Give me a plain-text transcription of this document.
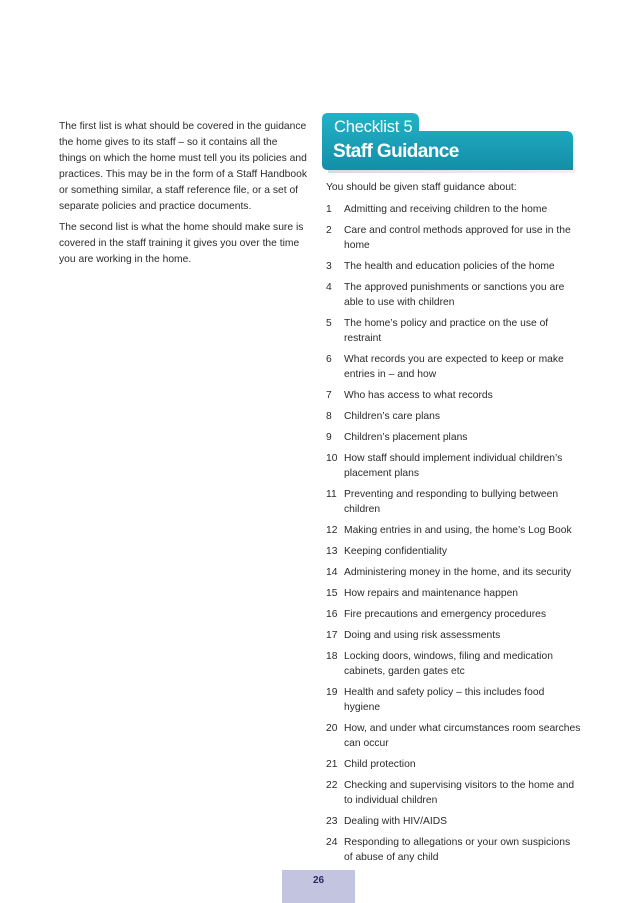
The first list is what should be covered in the guidance the home gives to its staff – so it contains all the things on which the home must tell you its policies and practices. This may be in the form of a Staff Handbook or something similar, a staff reference file, or a set of separate policies and practice documents.

The second list is what the home should make sure is covered in the staff training it gives you over the time you are working in the home.

Checklist 5
Staff Guidance

You should be given staff guidance about:

1	Admitting and receiving children to the home
2	Care and control methods approved for use in the home
3	The health and education policies of the home
4	The approved punishments or sanctions you are able to use with children
5	The home’s policy and practice on the use of restraint
6	What records you are expected to keep or make entries in – and how
7	Who has access to what records
8	Children’s care plans
9	Children’s placement plans
10 How staff should implement individual children’s placement plans
11 Preventing and responding to bullying between children
12 Making entries in and using, the home’s Log Book
13 Keeping confidentiality
14 Administering money in the home, and its security
15 How repairs and maintenance happen
16 Fire precautions and emergency procedures
17 Doing and using risk assessments
18 Locking doors, windows, filing and medication cabinets, garden gates etc
19 Health and safety policy – this includes food hygiene
20 How, and under what circumstances room searches can occur
21 Child protection
22 Checking and supervising visitors to the home and to individual children
23 Dealing with HIV/AIDS
24 Responding to allegations or your own suspicions of abuse of any child
26
